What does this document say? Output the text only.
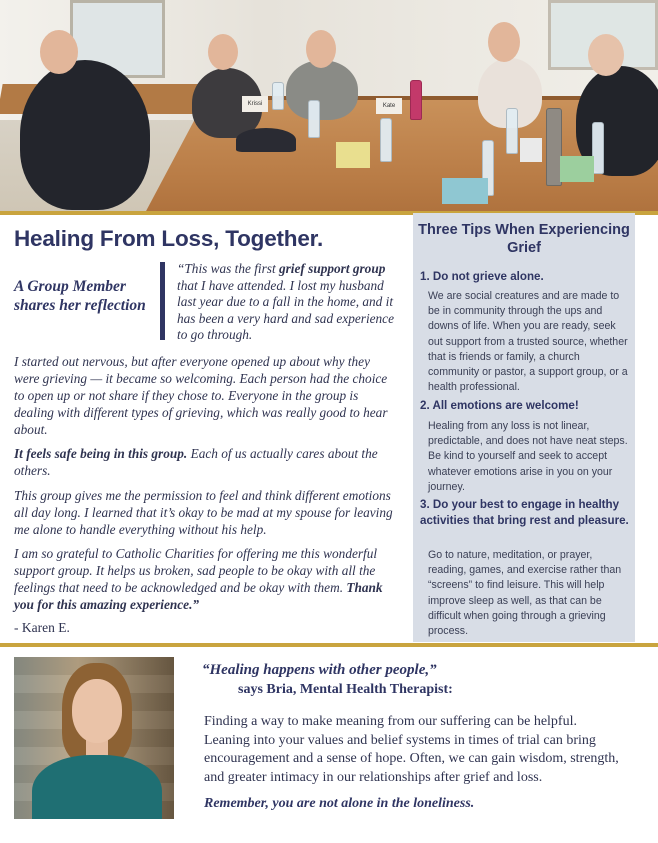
Krissi	Kate
Healing From Loss, Together.
A Group Member shares her reflection
“This was the first grief support group that I have attended. I lost my husband last year due to a fall in the home, and it has been a very hard and sad experience to go through.
I started out nervous, but after everyone opened up about why they were grieving — it became so welcoming. Each person had the choice to open up or not share if they chose to. Everyone in the group is dealing with different types of grieving, which was really good to hear about.
It feels safe being in this group. Each of us actually cares about the others.
This group gives me the permission to feel and think different emotions all day long. I learned that it’s okay to be mad at my spouse for leaving me alone to handle everything without his help.
I am so grateful to Catholic Charities for offering me this wonderful support group. It helps us broken, sad people to be okay with all the feelings that need to be acknowledged and be okay with them. Thank you for this amazing experience.”
- Karen E.
Three Tips When Experiencing Grief
1. Do not grieve alone.
We are social creatures and are made to be in community through the ups and downs of life. When you are ready, seek out support from a trusted source, whether that is friends or family, a church community or pastor, a support group, or a health professional.
2. All emotions are welcome!
Healing from any loss is not linear, predictable, and does not have neat steps. Be kind to yourself and seek to accept whatever emotions arise in you on your journey.
3. Do your best to engage in healthy activities that bring rest and pleasure.
Go to nature, meditation, or prayer, reading, games, and exercise rather than “screens” to find leisure. This will help improve sleep as well, as that can be difficult when going through a grieving process.
“Healing happens with other people,”
says Bria, Mental Health Therapist:
Finding a way to make meaning from our suffering can be helpful. Leaning into your values and belief systems in times of trial can bring encouragement and a sense of hope. Often, we can gain wisdom, strength, and greater intimacy in our relationships after grief and loss.
Remember, you are not alone in the loneliness.
